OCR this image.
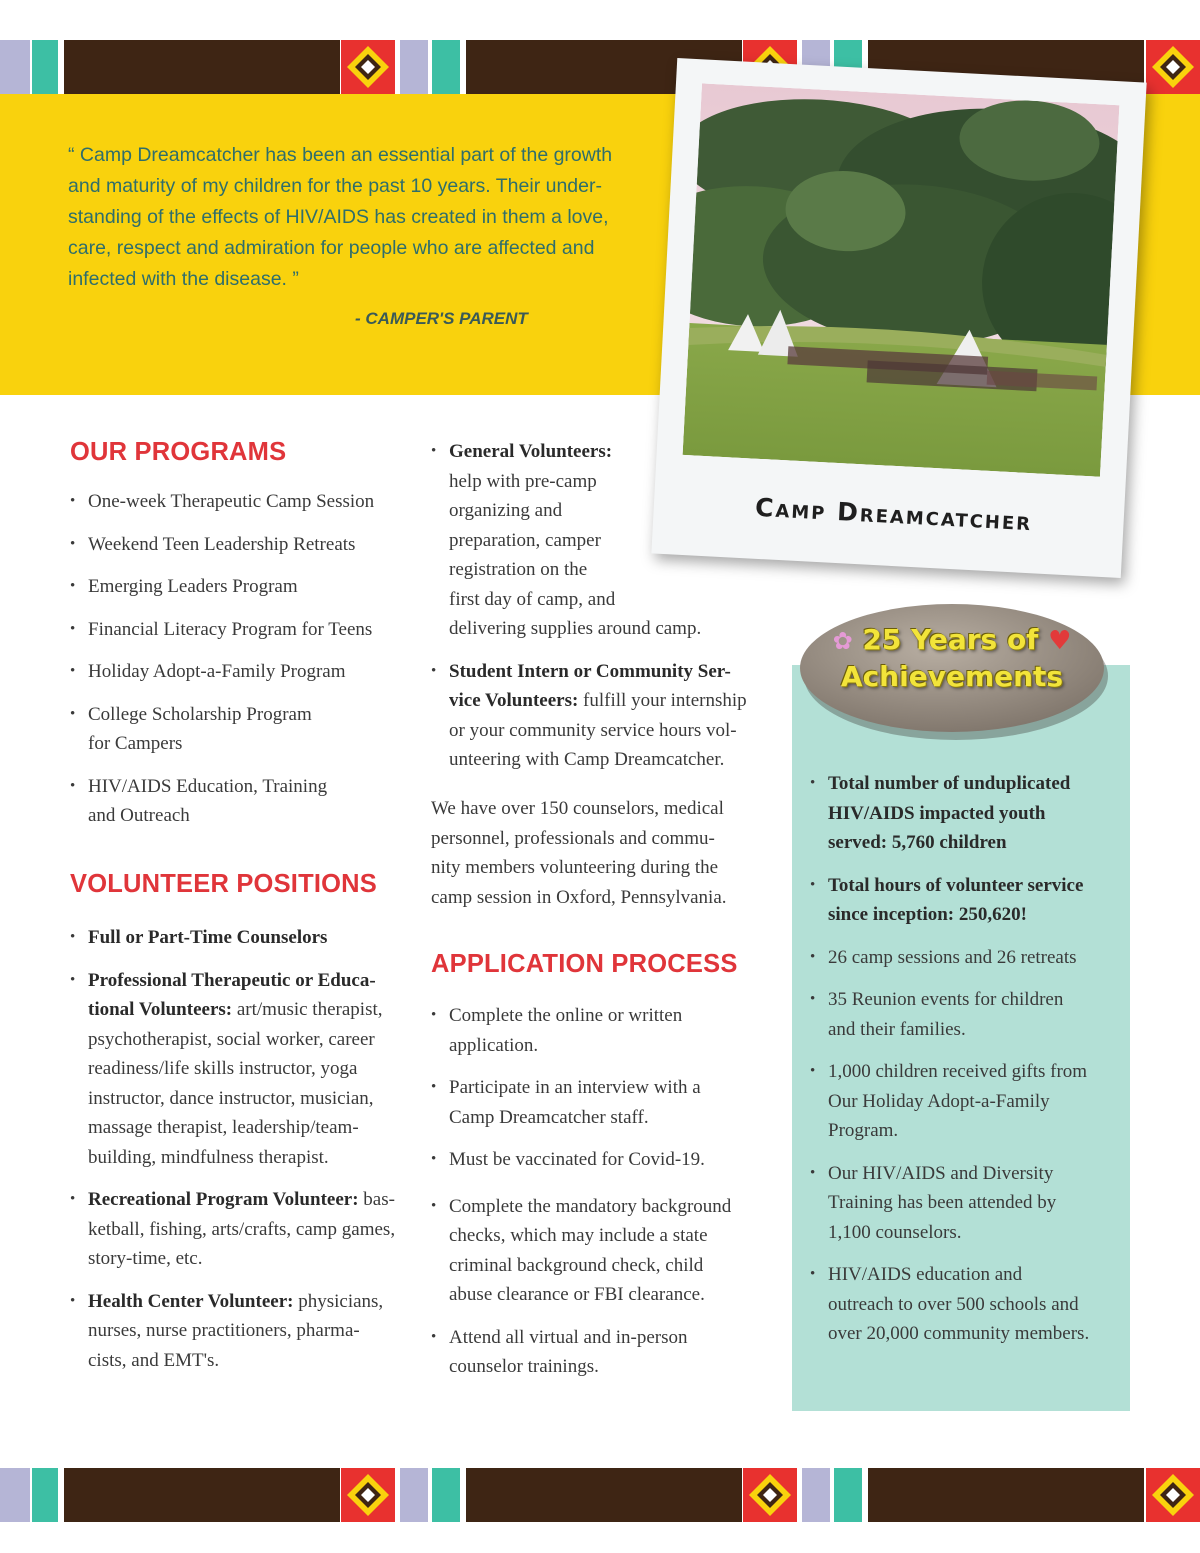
“ Camp Dreamcatcher has been an essential part of the growth

and maturity of my children for the past 10 years. Their under-

standing of the effects of HIV/AIDS has created in them a love,

care, respect and admiration for people who are affected and

infected with the disease. ”

- CAMPER'S PARENT
Camp Dreamcatcher
OUR PROGRAMS
• One-week Therapeutic Camp Session
• Weekend Teen Leadership Retreats
• Emerging Leaders Program
• Financial Literacy Program for Teens
• Holiday Adopt-a-Family Program
• College Scholarship Program
for Campers
• HIV/AIDS Education, Training
and Outreach
VOLUNTEER POSITIONS
• Full or Part-Time Counselors
• Professional Therapeutic or Educa-
tional Volunteers: art/music therapist,
psychotherapist, social worker, career
readiness/life skills instructor, yoga
instructor, dance instructor, musician,
massage therapist, leadership/team-
building, mindfulness therapist.
• Recreational Program Volunteer: bas-
ketball, fishing, arts/crafts, camp games,
story-time, etc.
• Health Center Volunteer: physicians,
nurses, nurse practitioners, pharma-
cists, and EMT's.
• General Volunteers:
help with pre-camp
organizing and
preparation, camper
registration on the
first day of camp, and
delivering supplies around camp.
• Student Intern or Community Ser-
vice Volunteers: fulfill your internship
or your community service hours vol-
unteering with Camp Dreamcatcher.
We have over 150 counselors, medical
personnel, professionals and commu-
nity members volunteering during the
camp session in Oxford, Pennsylvania.
APPLICATION PROCESS
• Complete the online or written
application.
• Participate in an interview with a
Camp Dreamcatcher staff.
• Must be vaccinated for Covid-19.
• Complete the mandatory background
checks, which may include a state
criminal background check, child
abuse clearance or FBI clearance.
• Attend all virtual and in-person
counselor trainings.
✿ 25 Years of ♥
Achievements
• Total number of unduplicated
HIV/AIDS impacted youth
served: 5,760 children
• Total hours of volunteer service
since inception: 250,620!
• 26 camp sessions and 26 retreats
• 35 Reunion events for children
and their families.
• 1,000 children received gifts from
Our Holiday Adopt-a-Family
Program.
• Our HIV/AIDS and Diversity
Training has been attended by
1,100 counselors.
• HIV/AIDS education and
outreach to over 500 schools and
over 20,000 community members.
